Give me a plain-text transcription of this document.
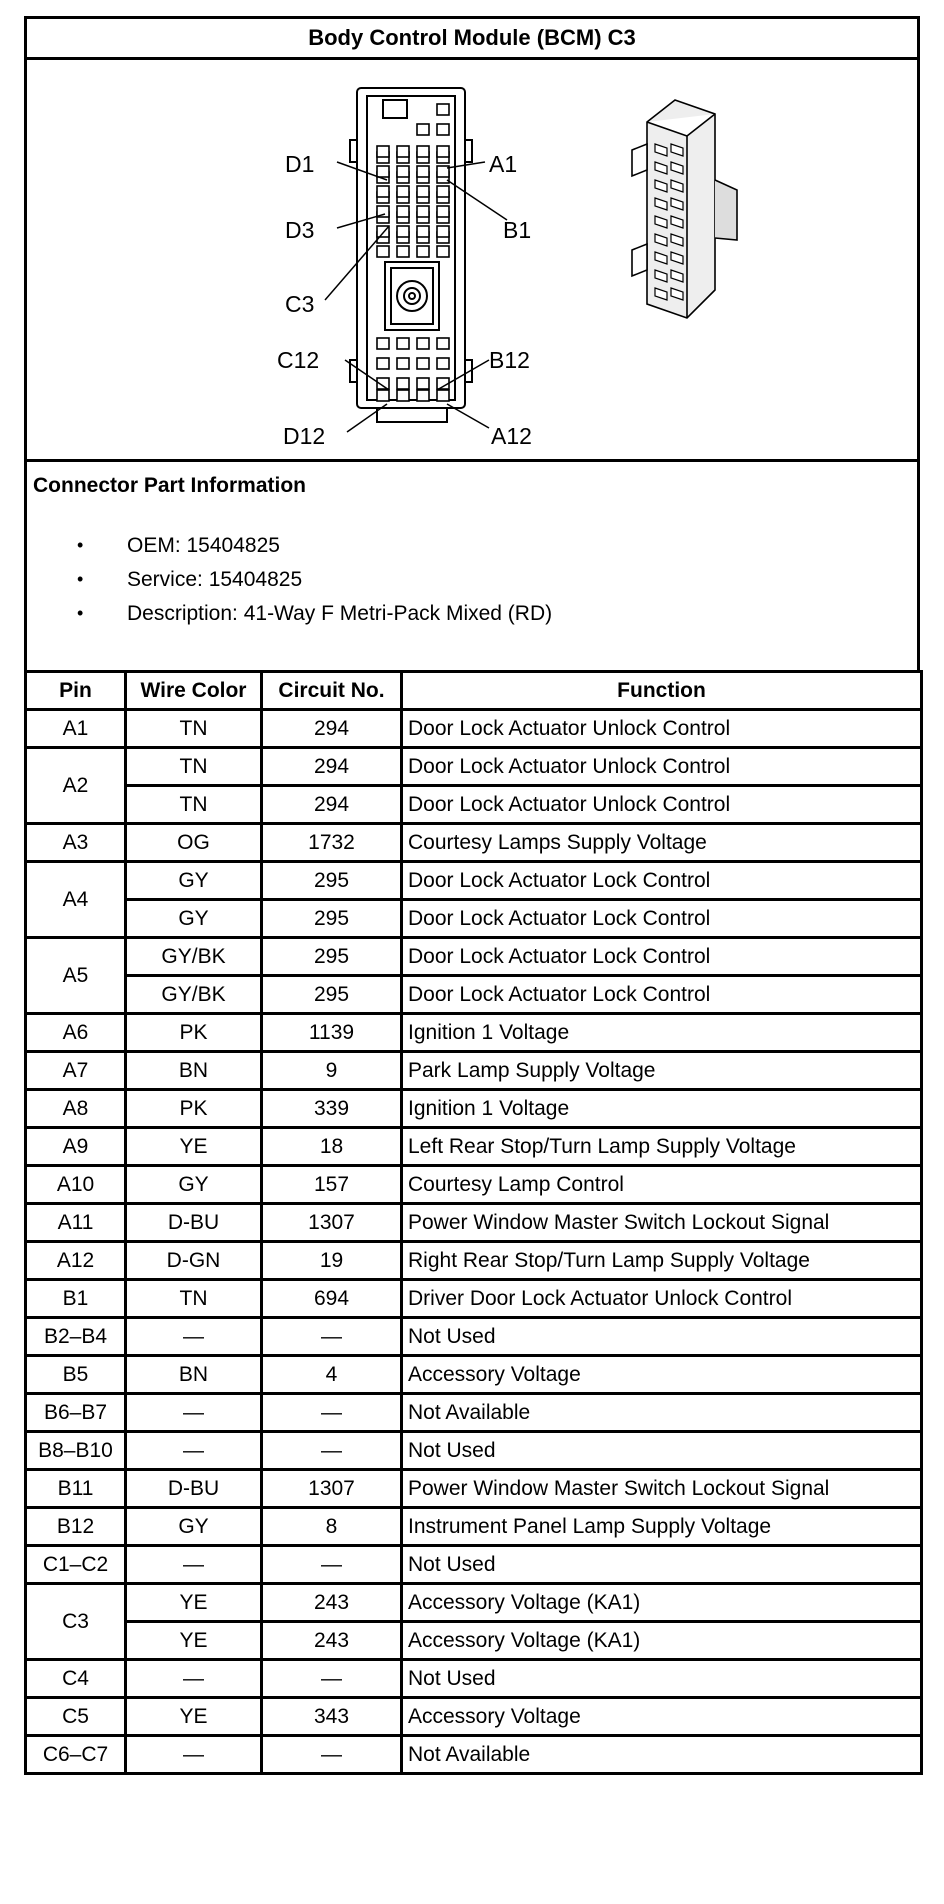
Body Control Module (BCM) C3

D1	A1
D3	B1
C3
C12	B12
D12	A12

Connector Part Information
• OEM: 15404825
• Service: 15404825
• Description: 41-Way F Metri-Pack Mixed (RD)
Pin	Wire Color	Circuit No.	Function
A1	TN	294	Door Lock Actuator Unlock Control
A2	TN	294	Door Lock Actuator Unlock Control
	TN	294	Door Lock Actuator Unlock Control
A3	OG	1732	Courtesy Lamps Supply Voltage
A4	GY	295	Door Lock Actuator Lock Control
	GY	295	Door Lock Actuator Lock Control
A5	GY/BK	295	Door Lock Actuator Lock Control
	GY/BK	295	Door Lock Actuator Lock Control
A6	PK	1139	Ignition 1 Voltage
A7	BN	9	Park Lamp Supply Voltage
A8	PK	339	Ignition 1 Voltage
A9	YE	18	Left Rear Stop/Turn Lamp Supply Voltage
A10	GY	157	Courtesy Lamp Control
A11	D-BU	1307	Power Window Master Switch Lockout Signal
A12	D-GN	19	Right Rear Stop/Turn Lamp Supply Voltage
B1	TN	694	Driver Door Lock Actuator Unlock Control
B2–B4	—	—	Not Used
B5	BN	4	Accessory Voltage
B6–B7	—	—	Not Available
B8–B10	—	—	Not Used
B11	D-BU	1307	Power Window Master Switch Lockout Signal
B12	GY	8	Instrument Panel Lamp Supply Voltage
C1–C2	—	—	Not Used
C3	YE	243	Accessory Voltage (KA1)
	YE	243	Accessory Voltage (KA1)
C4	—	—	Not Used
C5	YE	343	Accessory Voltage
C6–C7	—	—	Not Available
